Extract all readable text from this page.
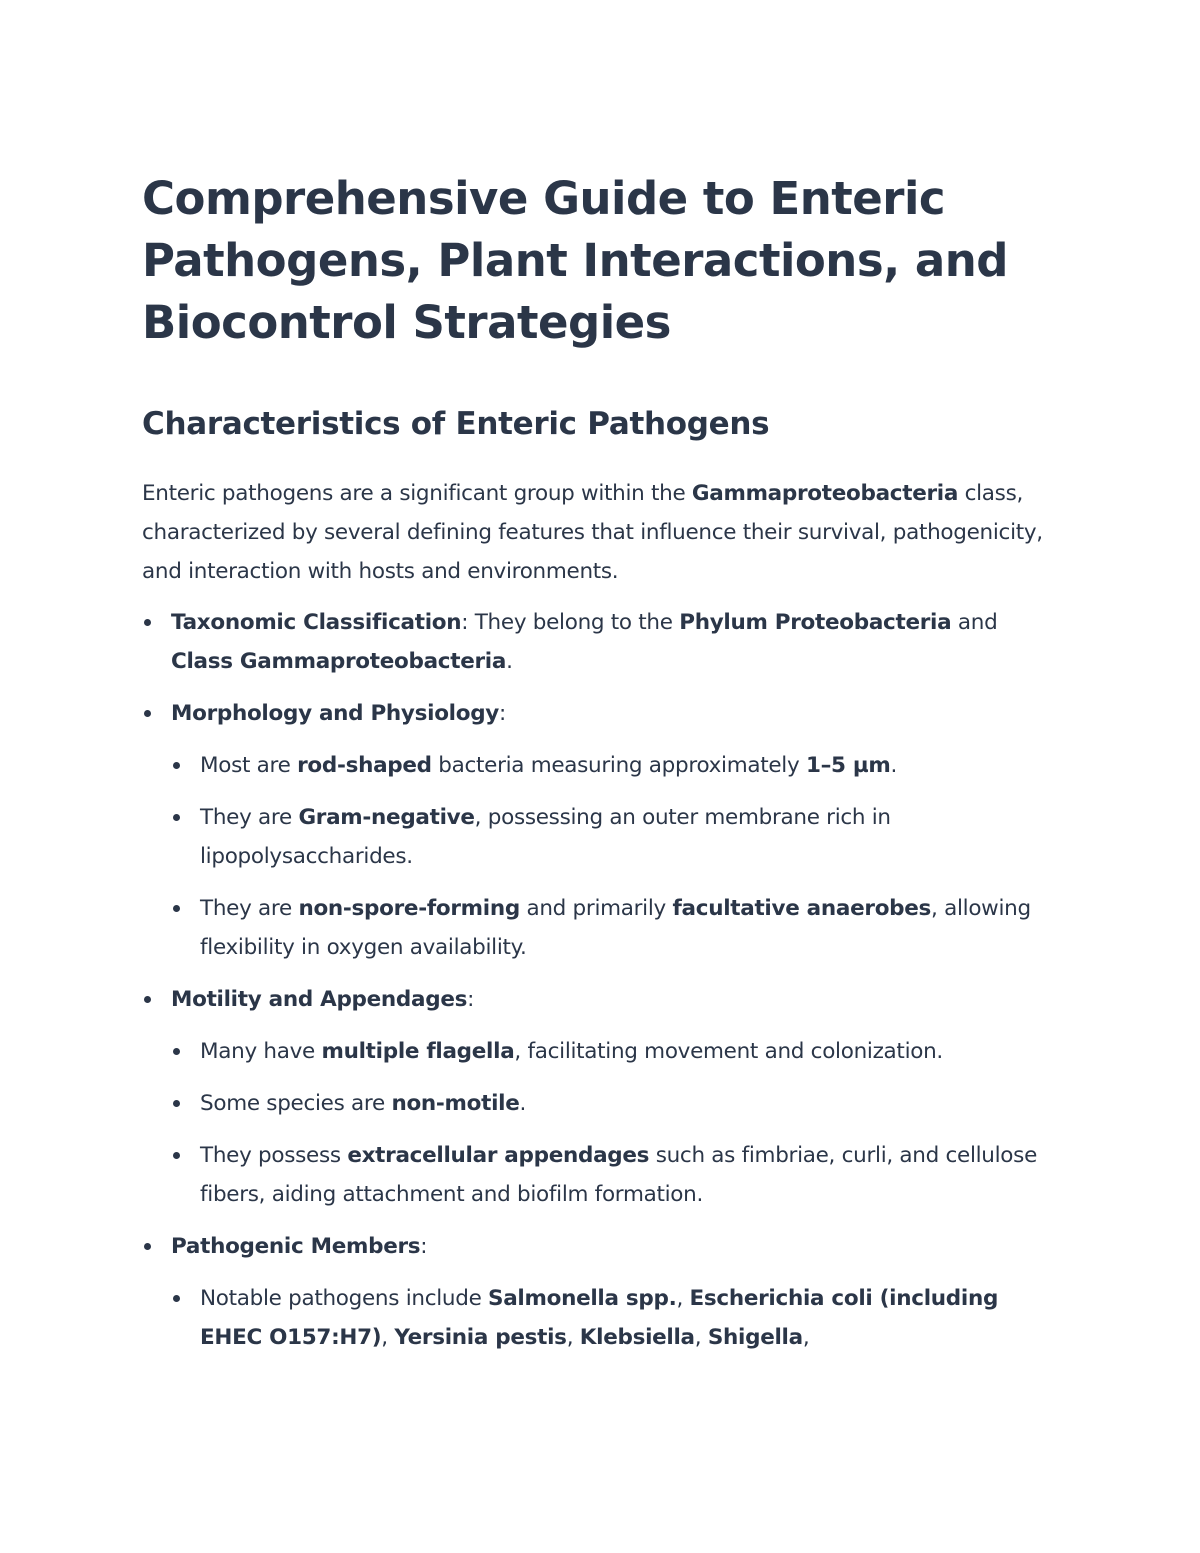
Comprehensive Guide to Enteric Pathogens, Plant Interactions, and Biocontrol Strategies
Characteristics of Enteric Pathogens

Enteric pathogens are a significant group within the Gammaproteobacteria class, characterized by several defining features that influence their survival, pathogenicity, and interaction with hosts and environments.

Taxonomic Classification: They belong to the Phylum Proteobacteria and Class Gammaproteobacteria.
Morphology and Physiology:
Most are rod-shaped bacteria measuring approximately 1–5 µm.
They are Gram-negative, possessing an outer membrane rich in lipopolysaccharides.
They are non-spore-forming and primarily facultative anaerobes, allowing flexibility in oxygen availability.
Motility and Appendages:
Many have multiple flagella, facilitating movement and colonization.
Some species are non-motile.
They possess extracellular appendages such as fimbriae, curli, and cellulose fibers, aiding attachment and biofilm formation.
Pathogenic Members:
Notable pathogens include Salmonella spp., Escherichia coli (including EHEC O157:H7), Yersinia pestis, Klebsiella, Shigella,
